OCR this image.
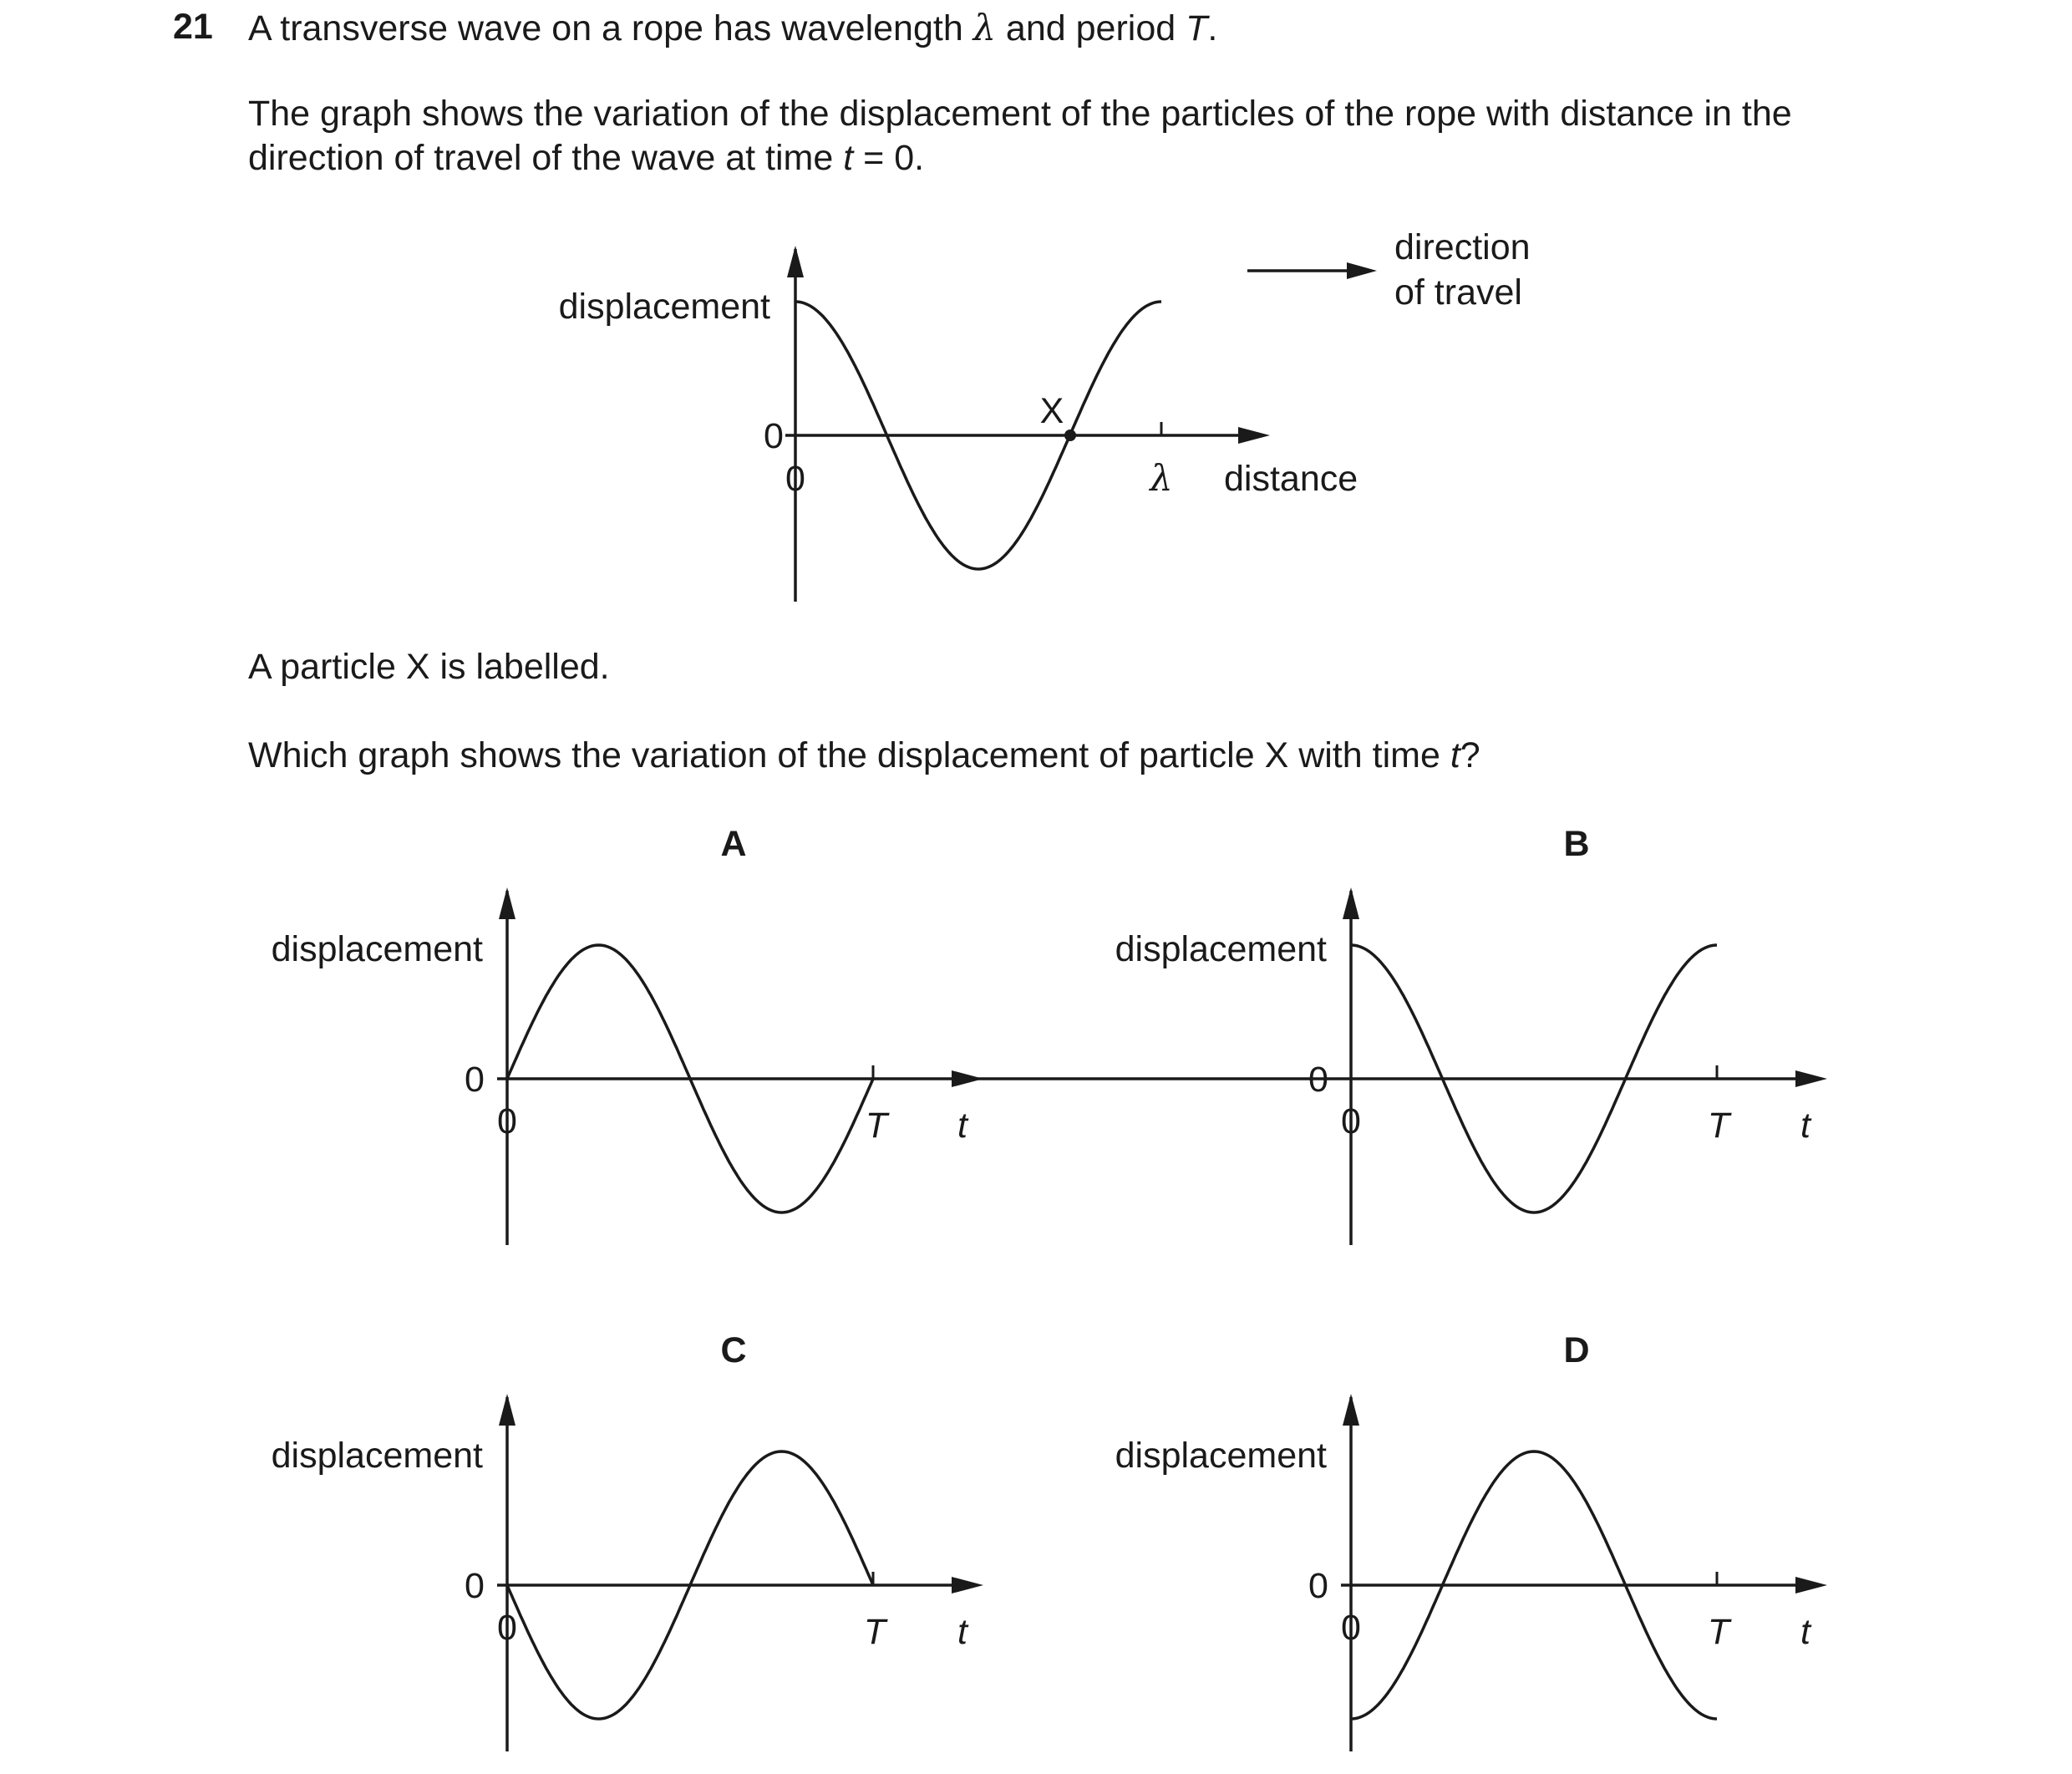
21 A transverse wave on a rope has wavelength λ and period T.

The graph shows the variation of the displacement of the particles of the rope with distance in the
direction of travel of the wave at time t = 0.

A particle X is labelled.

Which graph shows the variation of the displacement of particle X with time t?

A	B
C	D
displacement
0
0	λ distance
X
direction
of travel
displacement
0
0	T t
displacement
0
0	T t
displacement
0
0	T t
displacement
0
0	T t
